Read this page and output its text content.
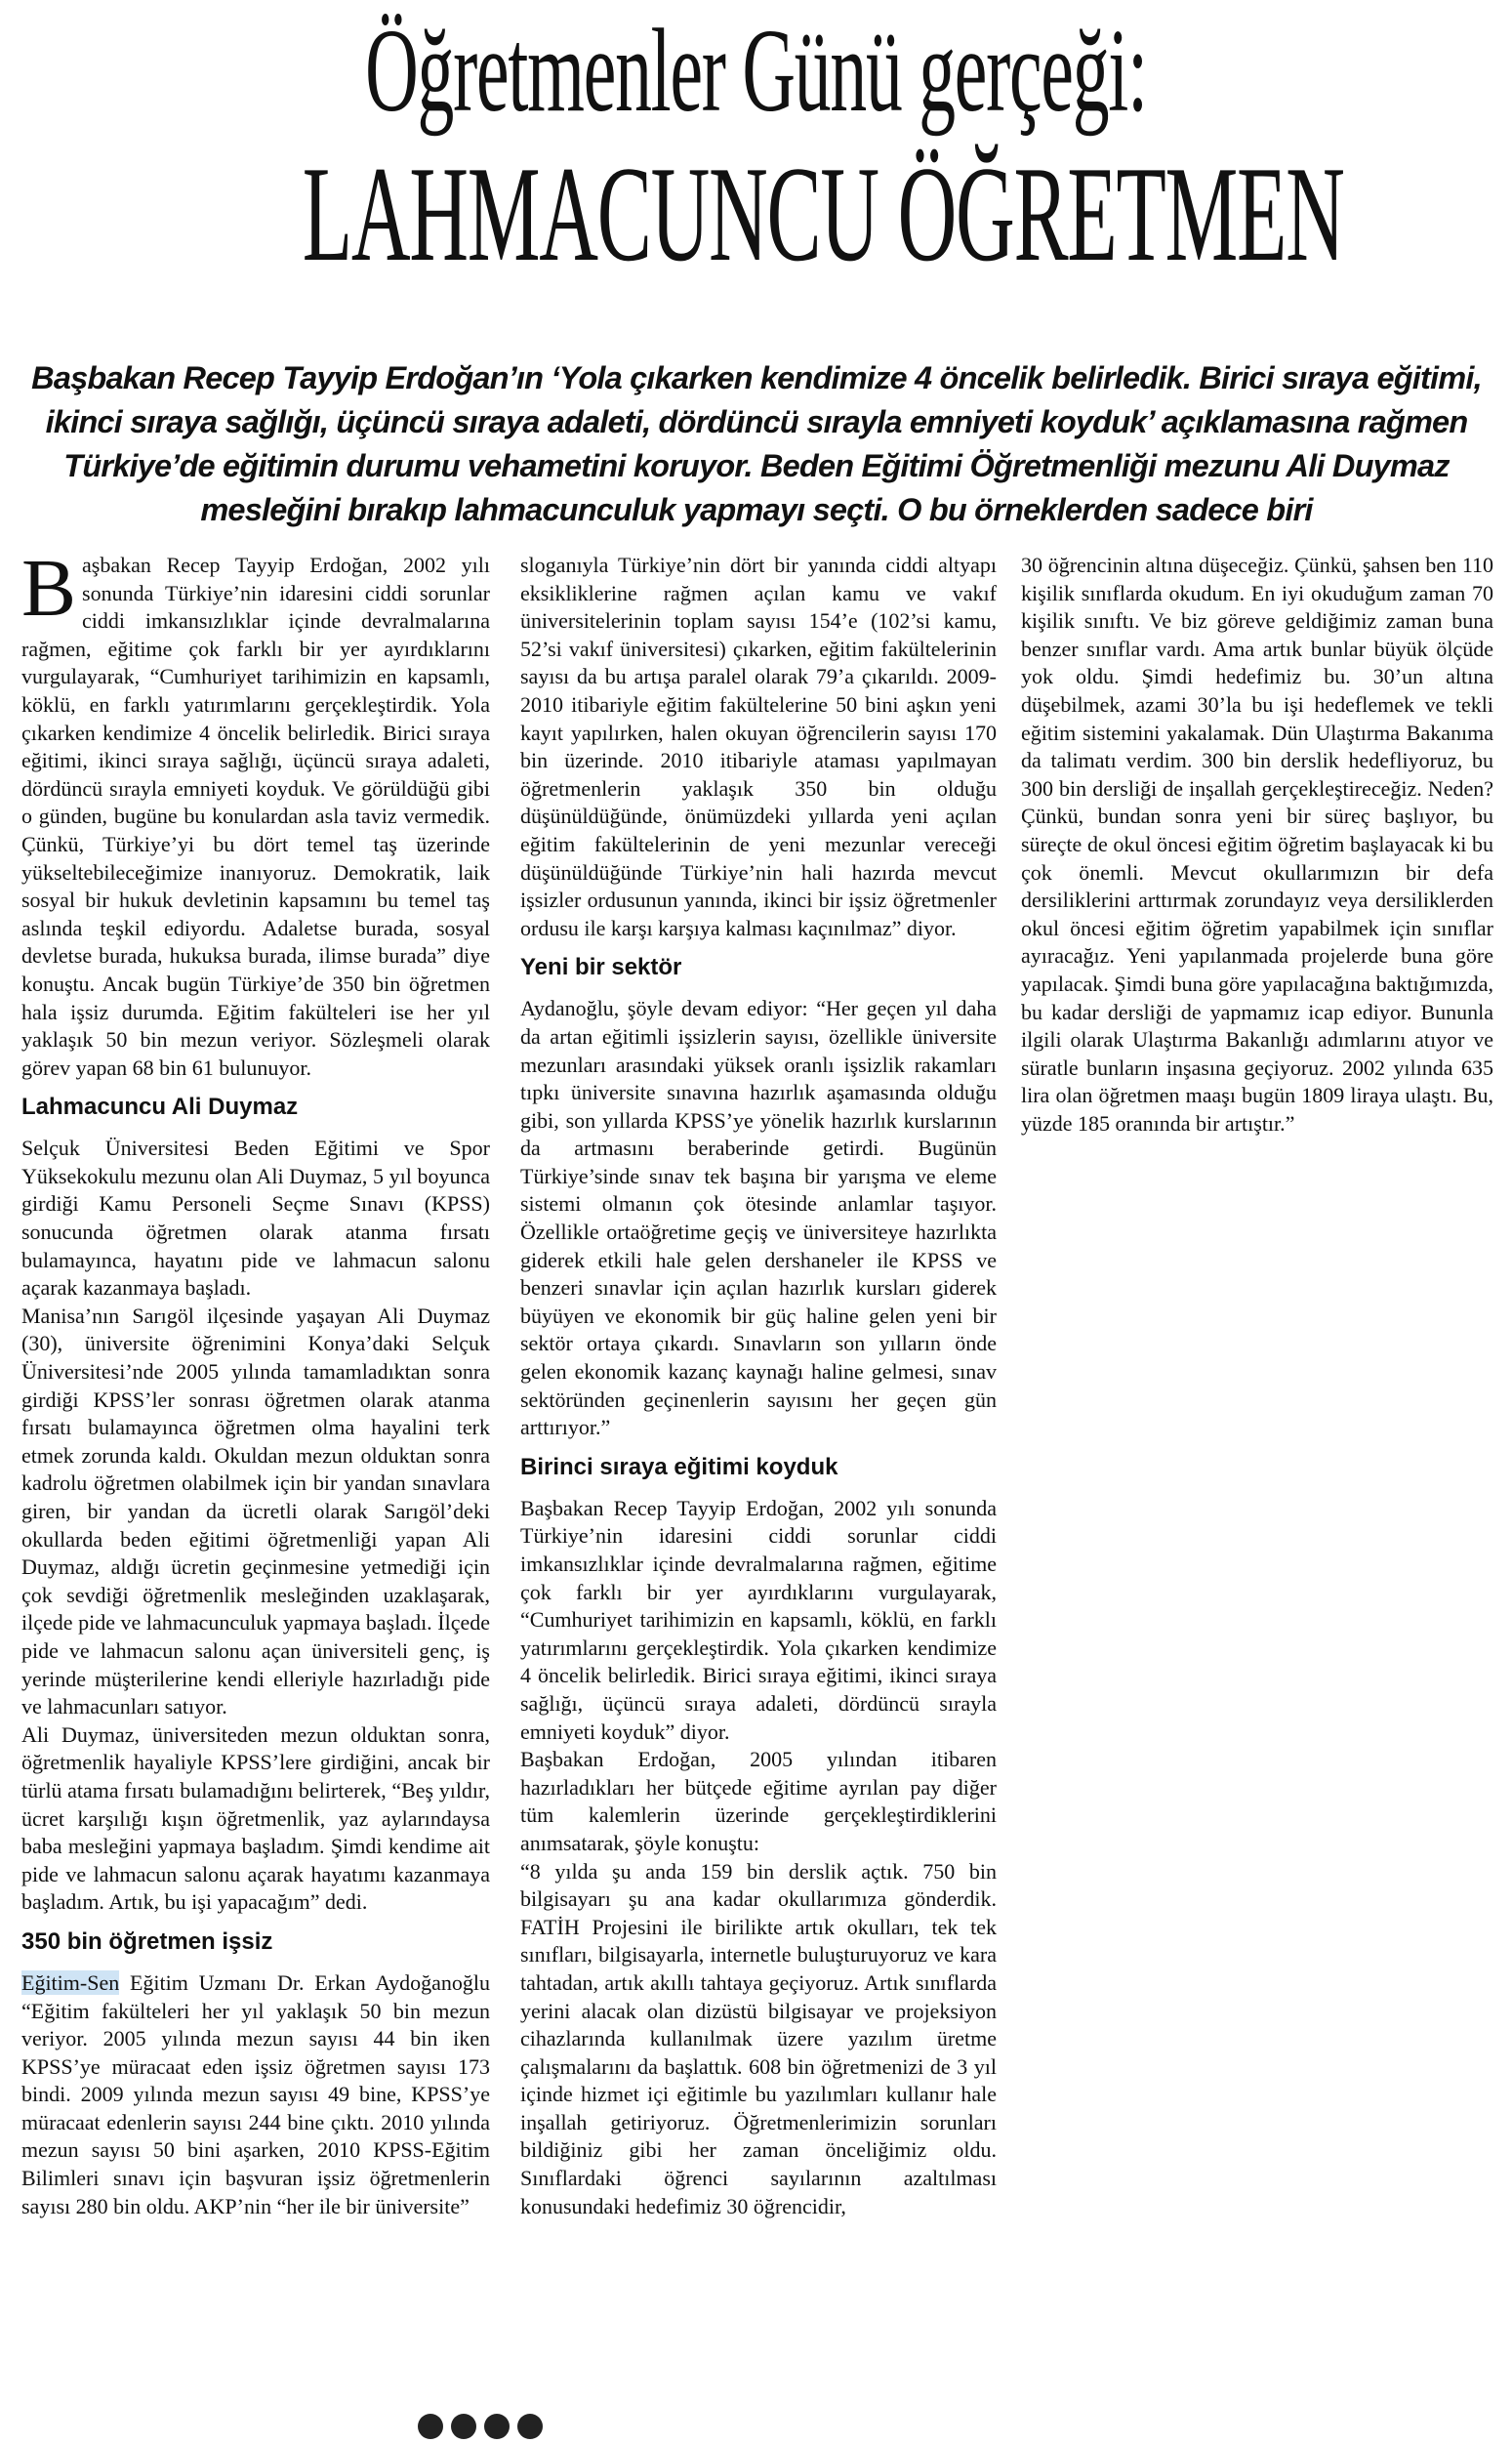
Öğretmenler Günü gerçeği:
LAHMACUNCU ÖĞRETMEN
Başbakan Recep Tayyip Erdoğan’ın ‘Yola çıkarken kendimize 4 öncelik belirledik. Birici sıraya eğitimi, ikinci sıraya sağlığı, üçüncü sıraya adaleti, dördüncü sırayla emniyeti koyduk’ açıklamasına rağmen Türkiye’de eğitimin durumu vehametini koruyor. Beden Eğitimi Öğretmenliği mezunu Ali Duymaz mesleğini bırakıp lahmacunculuk yapmayı seçti. O bu örneklerden sadece biri

Başbakan Recep Tayyip Erdoğan, 2002 yılı sonunda Türkiye’nin idaresini ciddi sorunlar ciddi imkansızlıklar içinde devralmalarına rağmen, eğitime çok farklı bir yer ayırdıklarını vurgulayarak, “Cumhuriyet tarihimizin en kapsamlı, köklü, en farklı yatırımlarını gerçekleştirdik. Yola çıkarken kendimize 4 öncelik belirledik. Birici sıraya eğitimi, ikinci sıraya sağlığı, üçüncü sıraya adaleti, dördüncü sırayla emniyeti koyduk. Ve görüldüğü gibi o günden, bugüne bu konulardan asla taviz vermedik. Çünkü, Türkiye’yi bu dört temel taş üzerinde yükseltebileceğimize inanıyoruz. Demokratik, laik sosyal bir hukuk devletinin kapsamını bu temel taş aslında teşkil ediyordu. Adaletse burada, sosyal devletse burada, hukuksa burada, ilimse burada” diye konuştu. Ancak bugün Türkiye’de 350 bin öğretmen hala işsiz durumda. Eğitim fakülteleri ise her yıl yaklaşık 50 bin mezun veriyor. Sözleşmeli olarak görev yapan 68 bin 61 bulunuyor.

Lahmacuncu Ali Duymaz

Selçuk Üniversitesi Beden Eğitimi ve Spor Yüksekokulu mezunu olan Ali Duymaz, 5 yıl boyunca girdiği Kamu Personeli Seçme Sınavı (KPSS) sonucunda öğretmen olarak atanma fırsatı bulamayınca, hayatını pide ve lahmacun salonu açarak kazanmaya başladı.

Manisa’nın Sarıgöl ilçesinde yaşayan Ali Duymaz (30), üniversite öğrenimini Konya’daki Selçuk Üniversitesi’nde 2005 yılında tamamladıktan sonra girdiği KPSS’ler sonrası öğretmen olarak atanma fırsatı bulamayınca öğretmen olma hayalini terk etmek zorunda kaldı. Okuldan mezun olduktan sonra kadrolu öğretmen olabilmek için bir yandan sınavlara giren, bir yandan da ücretli olarak Sarıgöl’deki okullarda beden eğitimi öğretmenliği yapan Ali Duymaz, aldığı ücretin geçinmesine yetmediği için çok sevdiği öğretmenlik mesleğinden uzaklaşarak, ilçede pide ve lahmacunculuk yapmaya başladı. İlçede pide ve lahmacun salonu açan üniversiteli genç, iş yerinde müşterilerine kendi elleriyle hazırladığı pide ve lahmacunları satıyor.

Ali Duymaz, üniversiteden mezun olduktan sonra, öğretmenlik hayaliyle KPSS’lere girdiğini, ancak bir türlü atama fırsatı bulamadığını belirterek, “Beş yıldır, ücret karşılığı kışın öğretmenlik, yaz aylarındaysa baba mesleğini yapmaya başladım. Şimdi kendime ait pide ve lahmacun salonu açarak hayatımı kazanmaya başladım. Artık, bu işi yapacağım” dedi.

350 bin öğretmen işsiz

Eğitim-Sen Eğitim Uzmanı Dr. Erkan Aydoğanoğlu “Eğitim fakülteleri her yıl yaklaşık 50 bin mezun veriyor. 2005 yılında mezun sayısı 44 bin iken KPSS’ye müracaat eden işsiz öğretmen sayısı 173 bindi. 2009 yılında mezun sayısı 49 bine, KPSS’ye müracaat edenlerin sayısı 244 bine çıktı. 2010 yılında mezun sayısı 50 bini aşarken, 2010 KPSS-Eğitim Bilimleri sınavı için başvuran işsiz öğretmenlerin sayısı 280 bin oldu. AKP’nin “her ile bir üniversite”

sloganıyla Türkiye’nin dört bir yanında ciddi altyapı eksikliklerine rağmen açılan kamu ve vakıf üniversitelerinin toplam sayısı 154’e (102’si kamu, 52’si vakıf üniversitesi) çıkarken, eğitim fakültelerinin sayısı da bu artışa paralel olarak 79’a çıkarıldı. 2009-2010 itibariyle eğitim fakültelerine 50 bini aşkın yeni kayıt yapılırken, halen okuyan öğrencilerin sayısı 170 bin üzerinde. 2010 itibariyle ataması yapılmayan öğretmenlerin yaklaşık 350 bin olduğu düşünüldüğünde, önümüzdeki yıllarda yeni açılan eğitim fakültelerinin de yeni mezunlar vereceği düşünüldüğünde Türkiye’nin hali hazırda mevcut işsizler ordusunun yanında, ikinci bir işsiz öğretmenler ordusu ile karşı karşıya kalması kaçınılmaz” diyor.

Yeni bir sektör

Aydanoğlu, şöyle devam ediyor: “Her geçen yıl daha da artan eğitimli işsizlerin sayısı, özellikle üniversite mezunları arasındaki yüksek oranlı işsizlik rakamları tıpkı üniversite sınavına hazırlık aşamasında olduğu gibi, son yıllarda KPSS’ye yönelik hazırlık kurslarının da artmasını beraberinde getirdi. Bugünün Türkiye’sinde sınav tek başına bir yarışma ve eleme sistemi olmanın çok ötesinde anlamlar taşıyor. Özellikle ortaöğretime geçiş ve üniversiteye hazırlıkta giderek etkili hale gelen dershaneler ile KPSS ve benzeri sınavlar için açılan hazırlık kursları giderek büyüyen ve ekonomik bir güç haline gelen yeni bir sektör ortaya çıkardı. Sınavların son yılların önde gelen ekonomik kazanç kaynağı haline gelmesi, sınav sektöründen geçinenlerin sayısını her geçen gün arttırıyor.”

Birinci sıraya eğitimi koyduk

Başbakan Recep Tayyip Erdoğan, 2002 yılı sonunda Türkiye’nin idaresini ciddi sorunlar ciddi imkansızlıklar içinde devralmalarına rağmen, eğitime çok farklı bir yer ayırdıklarını vurgulayarak, “Cumhuriyet tarihimizin en kapsamlı, köklü, en farklı yatırımlarını gerçekleştirdik. Yola çıkarken kendimize 4 öncelik belirledik. Birici sıraya eğitimi, ikinci sıraya sağlığı, üçüncü sıraya adaleti, dördüncü sırayla emniyeti koyduk” diyor.

Başbakan Erdoğan, 2005 yılından itibaren hazırladıkları her bütçede eğitime ayrılan pay diğer tüm kalemlerin üzerinde gerçekleştirdiklerini anımsatarak, şöyle konuştu:

“8 yılda şu anda 159 bin derslik açtık. 750 bin bilgisayarı şu ana kadar okullarımıza gönderdik. FATİH Projesini ile birilikte artık okulları, tek tek sınıfları, bilgisayarla, internetle buluşturuyoruz ve kara tahtadan, artık akıllı tahtaya geçiyoruz. Artık sınıflarda yerini alacak olan dizüstü bilgisayar ve projeksiyon cihazlarında kullanılmak üzere yazılım üretme çalışmalarını da başlattık. 608 bin öğretmenizi de 3 yıl içinde hizmet içi eğitimle bu yazılımları kullanır hale inşallah getiriyoruz. Öğretmenlerimizin sorunları bildiğiniz gibi her zaman önceliğimiz oldu. Sınıflardaki öğrenci sayılarının azaltılması konusundaki hedefimiz 30 öğrencidir,

30 öğrencinin altına düşeceğiz. Çünkü, şahsen ben 110 kişilik sınıflarda okudum. En iyi okuduğum zaman 70 kişilik sınıftı. Ve biz göreve geldiğimiz zaman buna benzer sınıflar vardı. Ama artık bunlar büyük ölçüde yok oldu. Şimdi hedefimiz bu. 30’un altına düşebilmek, azami 30’la bu işi hedeflemek ve tekli eğitim sistemini yakalamak. Dün Ulaştırma Bakanıma da talimatı verdim. 300 bin derslik hedefliyoruz, bu 300 bin dersliği de inşallah gerçekleştireceğiz. Neden? Çünkü, bundan sonra yeni bir süreç başlıyor, bu süreçte de okul öncesi eğitim öğretim başlayacak ki bu çok önemli. Mevcut okullarımızın bir defa dersiliklerini arttırmak zorundayız veya dersiliklerden okul öncesi eğitim öğretim yapabilmek için sınıflar ayıracağız. Yeni yapılanmada projelerde buna göre yapılacak. Şimdi buna göre yapılacağına baktığımızda, bu kadar dersliği de yapmamız icap ediyor. Bununla ilgili olarak Ulaştırma Bakanlığı adımlarını atıyor ve süratle bunların inşasına geçiyoruz. 2002 yılında 635 lira olan öğretmen maaşı bugün 1809 liraya ulaştı. Bu, yüzde 185 oranında bir artıştır.”
